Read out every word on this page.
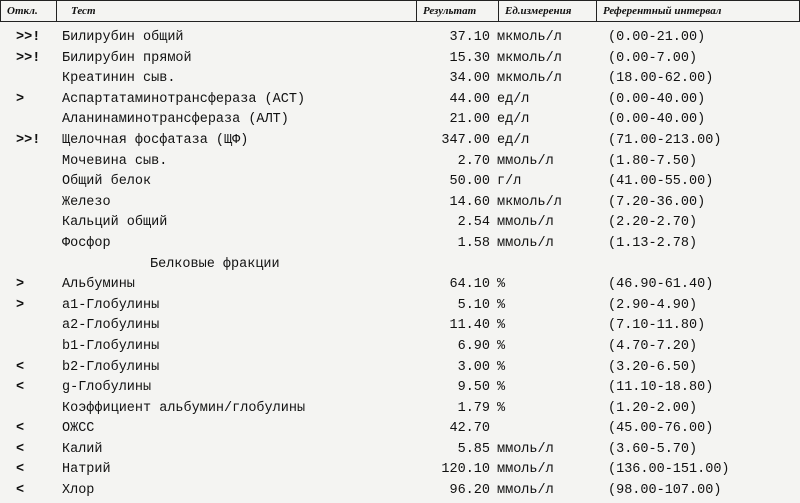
Откл.	Тест	Результат	Ед.измерения	Референтный интервал
>>! Билирубин общий	37.10 мкмоль/л	(0.00-21.00)
>>! Билирубин прямой	15.30 мкмоль/л	(0.00-7.00)
Креатинин сыв.	34.00 мкмоль/л	(18.00-62.00)
>	Аспартатаминотрансфераза (АСТ)	44.00 ед/л	(0.00-40.00)
Аланинаминотрансфераза (АЛТ)	21.00 ед/л	(0.00-40.00)
>>! Щелочная фосфатаза (ЩФ)	347.00 ед/л	(71.00-213.00)
Мочевина сыв.	2.70 ммоль/л	(1.80-7.50)
Общий белок	50.00 г/л	(41.00-55.00)
Железо	14.60 мкмоль/л	(7.20-36.00)
Кальций общий	2.54 ммоль/л	(2.20-2.70)
Фосфор	1.58 ммоль/л	(1.13-2.78)
Белковые фракции
>	Альбумины	64.10 %	(46.90-61.40)
>	a1-Глобулины	5.10 %	(2.90-4.90)
a2-Глобулины	11.40 %	(7.10-11.80)
b1-Глобулины	6.90 %	(4.70-7.20)
<	b2-Глобулины	3.00 %	(3.20-6.50)
<	g-Глобулины	9.50 %	(11.10-18.80)
Коэффициент альбумин/глобулины	1.79 %	(1.20-2.00)
<	ОЖСС	42.70	(45.00-76.00)
<	Калий	5.85 ммоль/л	(3.60-5.70)
<	Натрий	120.10 ммоль/л	(136.00-151.00)
<	Хлор	96.20 ммоль/л	(98.00-107.00)
